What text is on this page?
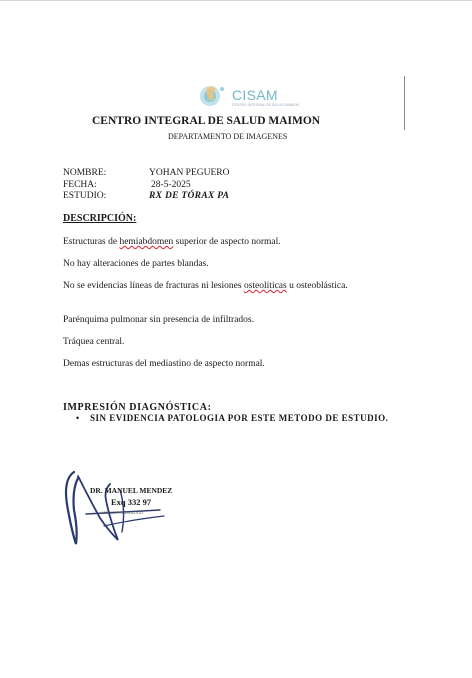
CISAM
CENTRO INTEGRAL DE SALUD MAIMON
CENTRO INTEGRAL DE SALUD MAIMON
DEPARTAMENTO DE IMAGENES
NOMBRE:	YOHAN PEGUERO
FECHA:	28-5-2025
ESTUDIO:	RX DE TÓRAX PA
DESCRIPCIÓN:
Estructuras de hemiabdomen superior de aspecto normal.
No hay alteraciones de partes blandas.
No se evidencias líneas de fracturas ni lesiones osteolíticas u osteoblástica.
Parénquima pulmonar sin presencia de infiltrados.
Tráquea central.
Demas estructuras del mediastino de aspecto normal.
IMPRESIÓN DIAGNÓSTICA:
• SIN EVIDENCIA PATOLOGIA POR ESTE METODO DE ESTUDIO.
DR. MANUEL MENDEZ
Exq 332 97
MÉDICO RADIÓLOGO
